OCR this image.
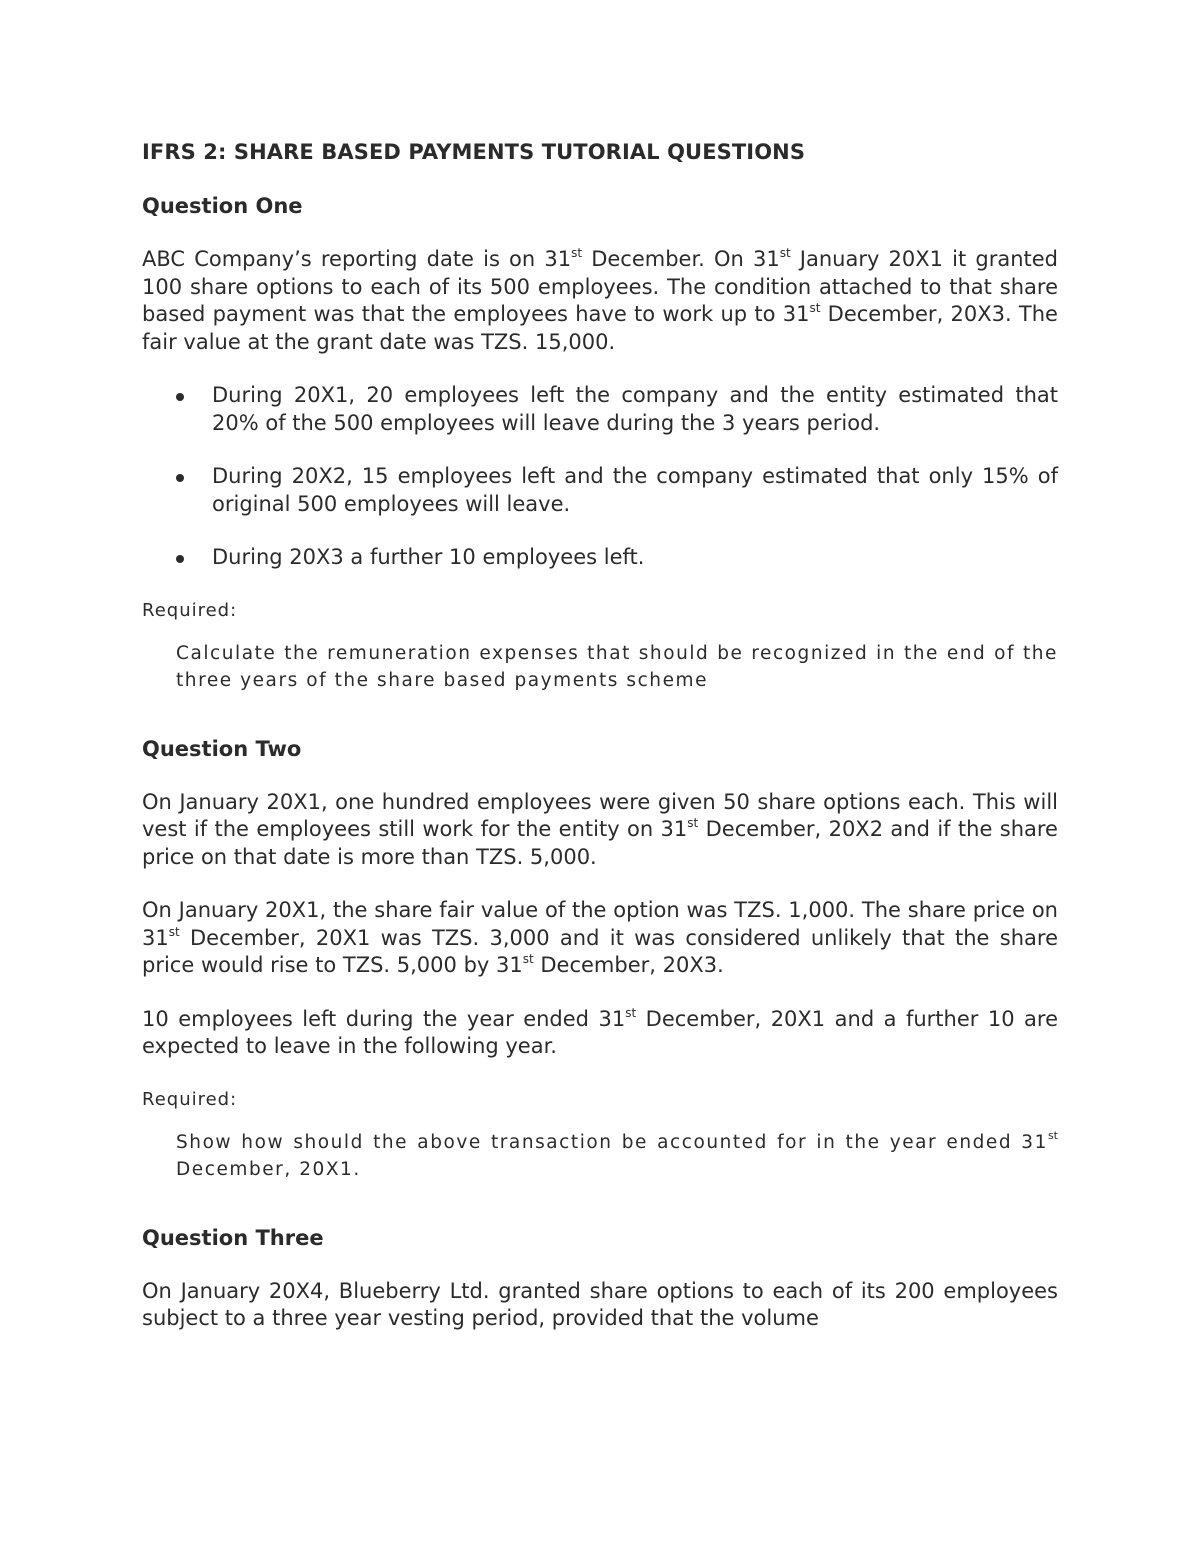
IFRS 2: SHARE BASED PAYMENTS TUTORIAL QUESTIONS
Question One

ABC Company’s reporting date is on 31st December. On 31st January 20X1 it granted 100 share options to each of its 500 employees. The condition attached to that share based payment was that the employees have to work up to 31st December, 20X3. The fair value at the grant date was TZS. 15,000.

During 20X1, 20 employees left the company and the entity estimated that 20% of the 500 employees will leave during the 3 years period.
During 20X2, 15 employees left and the company estimated that only 15% of original 500 employees will leave.
During 20X3 a further 10 employees left.
Required:
Calculate the remuneration expenses that should be recognized in the end of the three years of the share based payments scheme
Question Two

On January 20X1, one hundred employees were given 50 share options each. This will vest if the employees still work for the entity on 31st December, 20X2 and if the share price on that date is more than TZS. 5,000.

On January 20X1, the share fair value of the option was TZS. 1,000. The share price on 31st December, 20X1 was TZS. 3,000 and it was considered unlikely that the share price would rise to TZS. 5,000 by 31st December, 20X3.

10 employees left during the year ended 31st December, 20X1 and a further 10 are expected to leave in the following year.

Required:
Show how should the above transaction be accounted for in the year ended 31st December, 20X1.
Question Three

On January 20X4, Blueberry Ltd. granted share options to each of its 200 employees subject to a three year vesting period, provided that the volume
